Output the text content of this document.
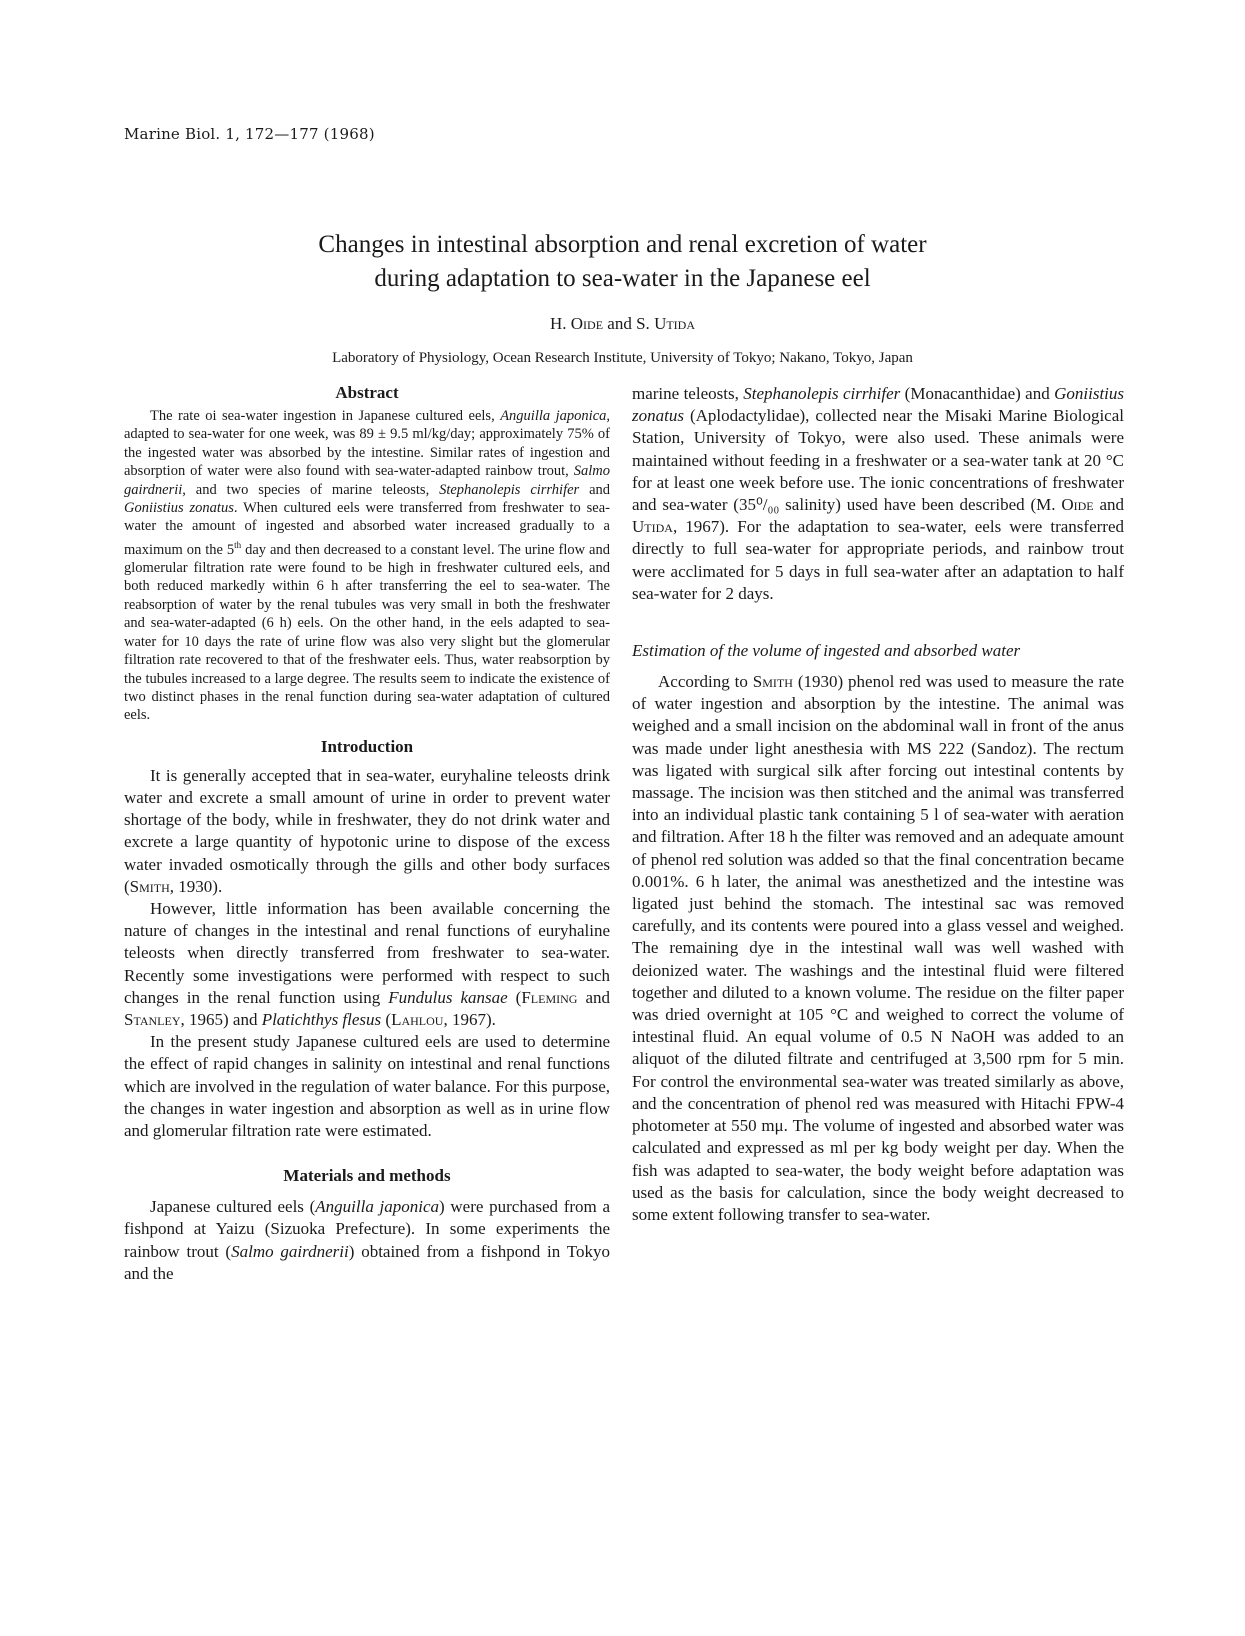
Marine Biol. 1, 172—177 (1968)
Changes in intestinal absorption and renal excretion of water
during adaptation to sea-water in the Japanese eel
H. Oide and S. Utida
Laboratory of Physiology, Ocean Research Institute, University of Tokyo; Nakano, Tokyo, Japan

Abstract

The rate oi sea-water ingestion in Japanese cultured eels, Anguilla japonica, adapted to sea-water for one week, was 89 ± 9.5 ml/kg/day; approximately 75% of the ingested water was absorbed by the intestine. Similar rates of ingestion and absorption of water were also found with sea-water-adapted rainbow trout, Salmo gairdnerii, and two species of marine teleosts, Stephanolepis cirrhifer and Goniistius zonatus. When cultured eels were transferred from freshwater to sea-water the amount of ingested and absorbed water increased gradually to a maximum on the 5th day and then decreased to a constant level. The urine flow and glomerular filtration rate were found to be high in freshwater cultured eels, and both reduced markedly within 6 h after transferring the eel to sea-water. The reabsorption of water by the renal tubules was very small in both the freshwater and sea-water-adapted (6 h) eels. On the other hand, in the eels adapted to sea-water for 10 days the rate of urine flow was also very slight but the glomerular filtration rate recovered to that of the freshwater eels. Thus, water reabsorption by the tubules increased to a large degree. The results seem to indicate the existence of two distinct phases in the renal function during sea-water adaptation of cultured eels.

Introduction

It is generally accepted that in sea-water, euryhaline teleosts drink water and excrete a small amount of urine in order to prevent water shortage of the body, while in freshwater, they do not drink water and excrete a large quantity of hypotonic urine to dispose of the excess water invaded osmotically through the gills and other body surfaces (Smith, 1930).

However, little information has been available concerning the nature of changes in the intestinal and renal functions of euryhaline teleosts when directly transferred from freshwater to sea-water. Recently some investigations were performed with respect to such changes in the renal function using Fundulus kansae (Fleming and Stanley, 1965) and Platichthys flesus (Lahlou, 1967).

In the present study Japanese cultured eels are used to determine the effect of rapid changes in salinity on intestinal and renal functions which are involved in the regulation of water balance. For this purpose, the changes in water ingestion and absorption as well as in urine flow and glomerular filtration rate were estimated.

Materials and methods

Japanese cultured eels (Anguilla japonica) were purchased from a fishpond at Yaizu (Sizuoka Prefecture). In some experiments the rainbow trout (Salmo gairdnerii) obtained from a fishpond in Tokyo and the

marine teleosts, Stephanolepis cirrhifer (Monacanthidae) and Goniistius zonatus (Aplodactylidae), collected near the Misaki Marine Biological Station, University of Tokyo, were also used. These animals were maintained without feeding in a freshwater or a sea-water tank at 20 °C for at least one week before use. The ionic concentrations of freshwater and sea-water (35⁰/₀₀ salinity) used have been described (M. Oide and Utida, 1967). For the adaptation to sea-water, eels were transferred directly to full sea-water for appropriate periods, and rainbow trout were acclimated for 5 days in full sea-water after an adaptation to half sea-water for 2 days.

Estimation of the volume of ingested and absorbed water

According to Smith (1930) phenol red was used to measure the rate of water ingestion and absorption by the intestine. The animal was weighed and a small incision on the abdominal wall in front of the anus was made under light anesthesia with MS 222 (Sandoz). The rectum was ligated with surgical silk after forcing out intestinal contents by massage. The incision was then stitched and the animal was transferred into an individual plastic tank containing 5 l of sea-water with aeration and filtration. After 18 h the filter was removed and an adequate amount of phenol red solution was added so that the final concentration became 0.001%. 6 h later, the animal was anesthetized and the intestine was ligated just behind the stomach. The intestinal sac was removed carefully, and its contents were poured into a glass vessel and weighed. The remaining dye in the intestinal wall was well washed with deionized water. The washings and the intestinal fluid were filtered together and diluted to a known volume. The residue on the filter paper was dried overnight at 105 °C and weighed to correct the volume of intestinal fluid. An equal volume of 0.5 N NaOH was added to an aliquot of the diluted filtrate and centrifuged at 3,500 rpm for 5 min. For control the environmental sea-water was treated similarly as above, and the concentration of phenol red was measured with Hitachi FPW-4 photometer at 550 mμ. The volume of ingested and absorbed water was calculated and expressed as ml per kg body weight per day. When the fish was adapted to sea-water, the body weight before adaptation was used as the basis for calculation, since the body weight decreased to some extent following transfer to sea-water.
